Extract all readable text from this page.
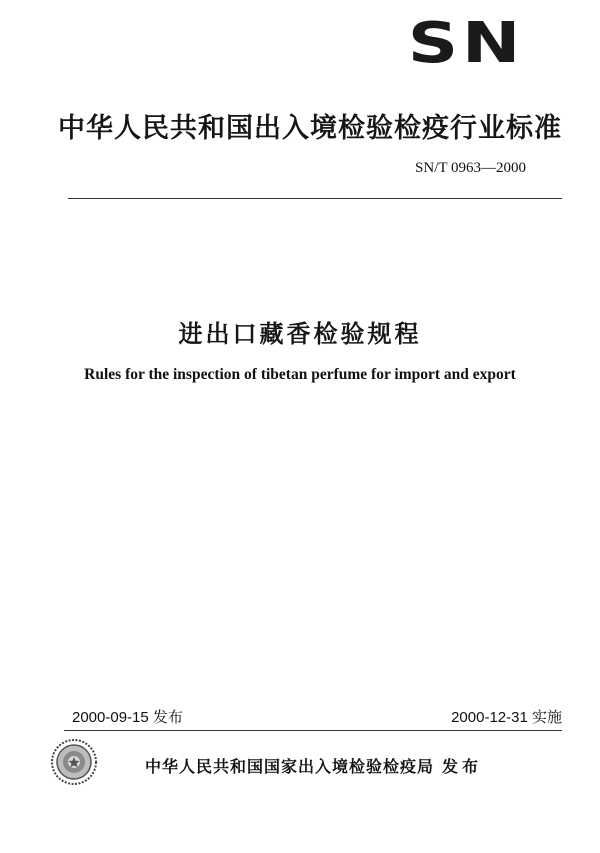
SN
中华人民共和国出入境检验检疫行业标准
SN/T 0963—2000
进出口藏香检验规程
Rules for the inspection of tibetan perfume for import and export
2000-09-15 发布	2000-12-31 实施
中华人民共和国国家出入境检验检疫局 发布
